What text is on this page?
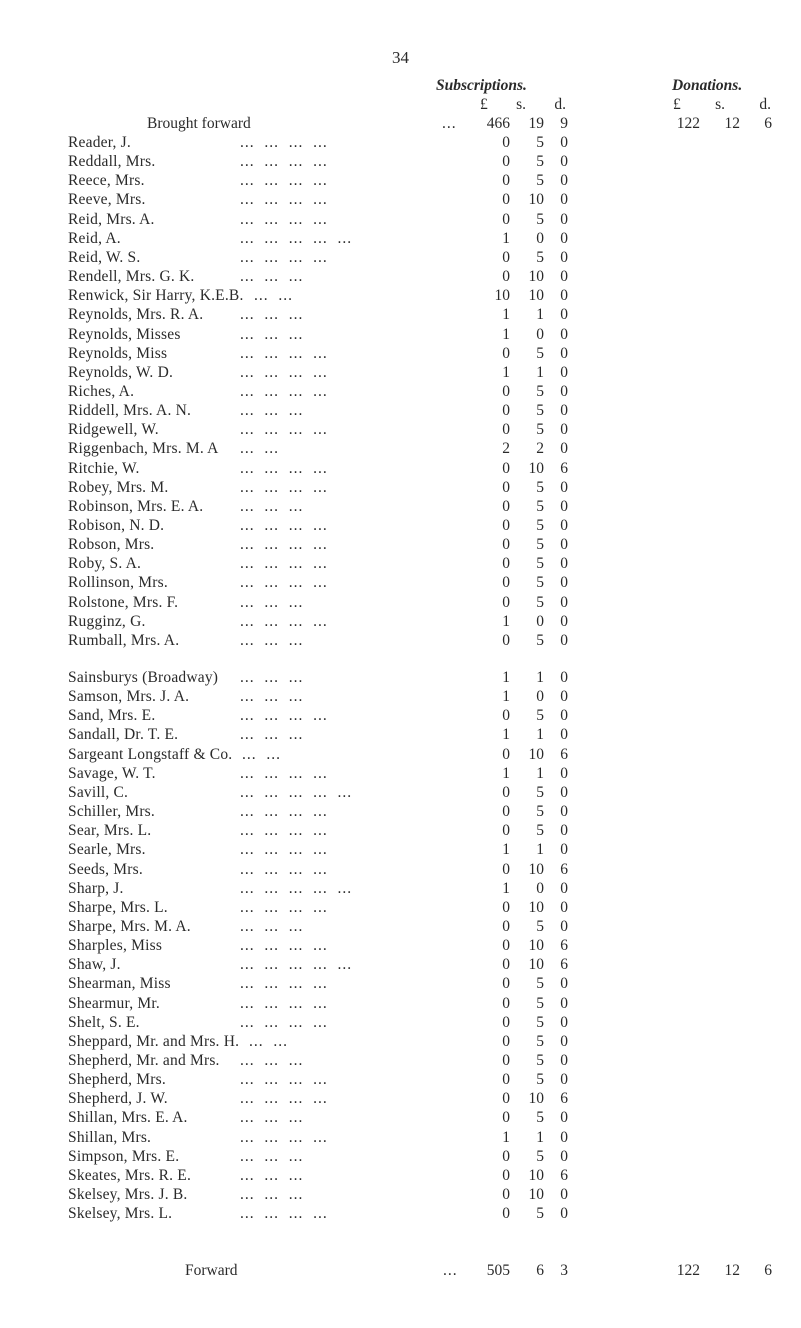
34
Subscriptions.	Donations.
£ s. d.	£ s. d.
Brought forward	...	466	19	9	122	12	6
Reader, J.	...  ...  ...  ...	0	5	0
Reddall, Mrs.	...  ...  ...  ...	0	5	0
Reece, Mrs.	...  ...  ...  ...	0	5	0
Reeve, Mrs.	...  ...  ...  ...	0	10	0
Reid, Mrs. A.	...  ...  ...  ...	0	5	0
Reid, A.	...  ...  ...  ...  ...	1	0	0
Reid, W. S.	...  ...  ...  ...	0	5	0
Rendell, Mrs. G. K.	...  ...  ...	0	10	0
Renwick, Sir Harry, K.E.B. ...  ...	10	10	0
Reynolds, Mrs. R. A. ...  ...  ...	1	1	0
Reynolds, Misses	...  ...  ...	1	0	0
Reynolds, Miss	...  ...  ...  ...	0	5	0
Reynolds, W. D.	...  ...  ...  ...	1	1	0
Riches, A.	...  ...  ...  ...	0	5	0
Riddell, Mrs. A. N.	...  ...  ...	0	5	0
Ridgewell, W.	...  ...  ...  ...	0	5	0
Riggenbach, Mrs. M. A ...  ...	2	2	0
Ritchie, W.	...  ...  ...  ...	0	10	6
Robey, Mrs. M.	...  ...  ...  ...	0	5	0
Robinson, Mrs. E. A. ...  ...  ...	0	5	0
Robison, N. D.	...  ...  ...  ...	0	5	0
Robson, Mrs.	...  ...  ...  ...	0	5	0
Roby, S. A.	...  ...  ...  ...	0	5	0
Rollinson, Mrs.	...  ...  ...  ...	0	5	0
Rolstone, Mrs. F.	...  ...  ...	0	5	0
Rugginz, G.	...  ...  ...  ...	1	0	0
Rumball, Mrs. A.	...  ...  ...	0	5	0
Sainsburys (Broadway) ...  ...  ...	1	1	0
Samson, Mrs. J. A.	...  ...  ...	1	0	0
Sand, Mrs. E.	...  ...  ...  ...	0	5	0
Sandall, Dr. T. E.	...  ...  ...	1	1	0
Sargeant Longstaff & Co. ...  ...	0	10	6
Savage, W. T.	...  ...  ...  ...	1	1	0
Savill, C.	...  ...  ...  ...  ...	0	5	0
Schiller, Mrs.	...  ...  ...  ...	0	5	0
Sear, Mrs. L.	...  ...  ...  ...	0	5	0
Searle, Mrs.	...  ...  ...  ...	1	1	0
Seeds, Mrs.	...  ...  ...  ...	0	10	6
Sharp, J.	...  ...  ...  ...  ...	1	0	0
Sharpe, Mrs. L.	...  ...  ...  ...	0	10	0
Sharpe, Mrs. M. A.	...  ...  ...	0	5	0
Sharples, Miss	...  ...  ...  ...	0	10	6
Shaw, J.	...  ...  ...  ...  ...	0	10	6
Shearman, Miss	...  ...  ...  ...	0	5	0
Shearmur, Mr.	...  ...  ...  ...	0	5	0
Shelt, S. E.	...  ...  ...  ...	0	5	0
Sheppard, Mr. and Mrs. H. ...  ...	0	5	0
Shepherd, Mr. and Mrs. ...  ...  ...	0	5	0
Shepherd, Mrs.	...  ...  ...  ...	0	5	0
Shepherd, J. W.	...  ...  ...  ...	0	10	6
Shillan, Mrs. E. A.	...  ...  ...	0	5	0
Shillan, Mrs.	...  ...  ...  ...	1	1	0
Simpson, Mrs. E.	...  ...  ...	0	5	0
Skeates, Mrs. R. E.	...  ...  ...	0	10	6
Skelsey, Mrs. J. B.	...  ...  ...	0	10	0
Skelsey, Mrs. L.	...  ...  ...  ...	0	5	0
Forward	...	505	6	3	122	12	6
